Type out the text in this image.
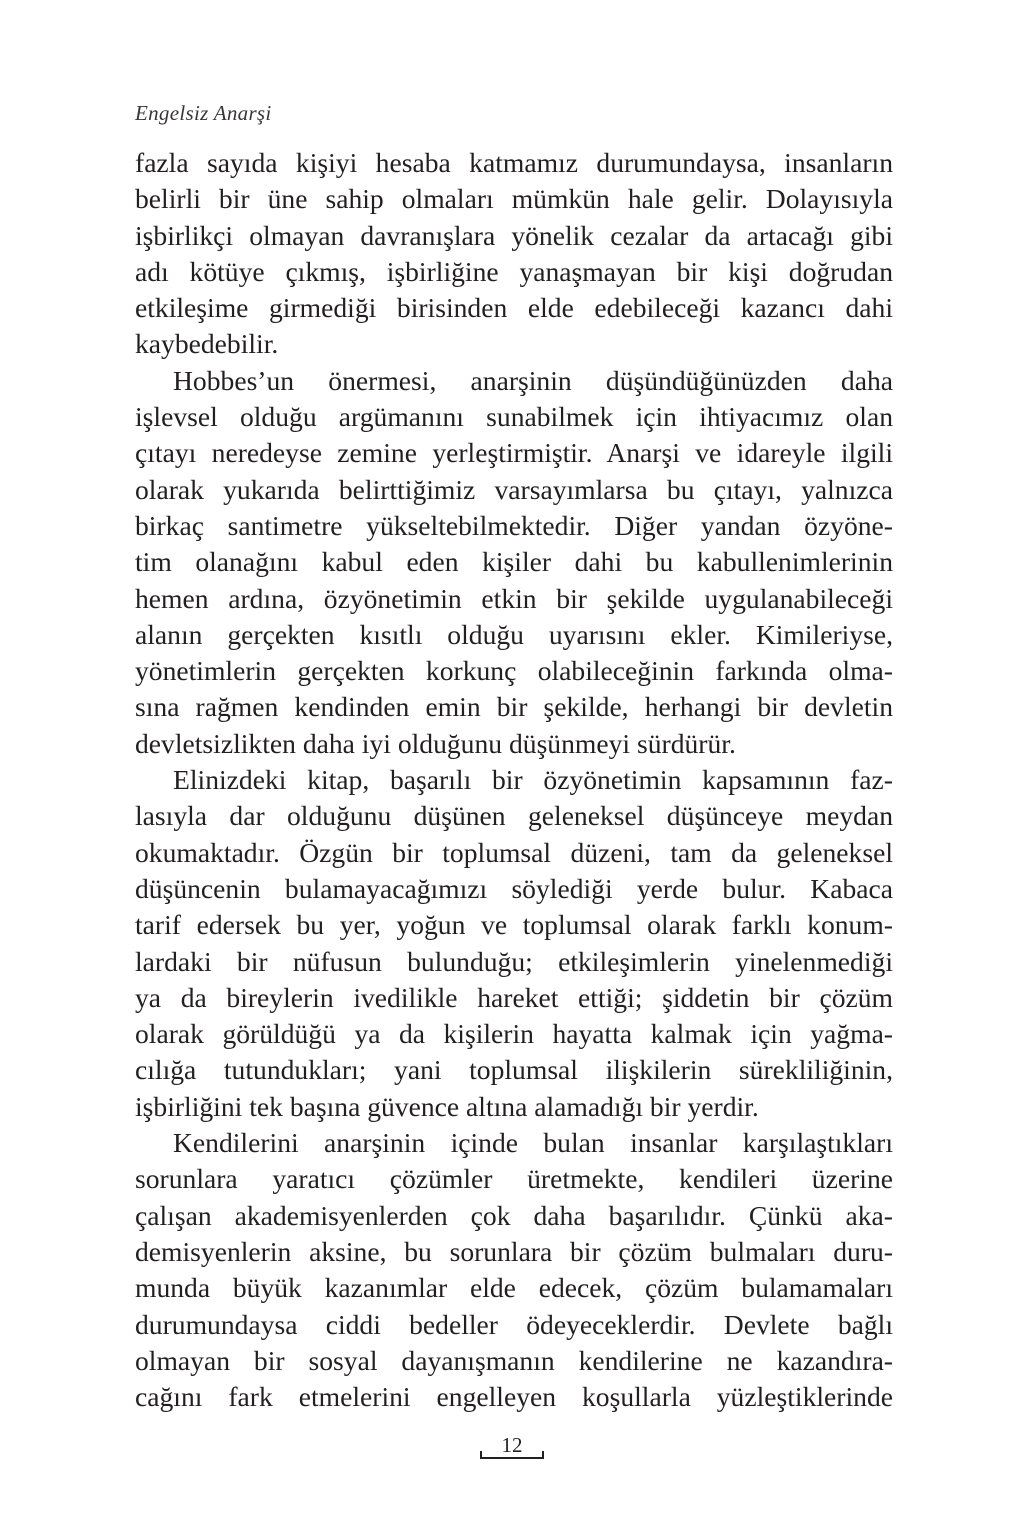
Engelsiz Anarşi
fazla sayıda kişiyi hesaba katmamız durumundaysa, insanların
belirli bir üne sahip olmaları mümkün hale gelir. Dolayısıyla
işbirlikçi olmayan davranışlara yönelik cezalar da artacağı gibi
adı kötüye çıkmış, işbirliğine yanaşmayan bir kişi doğrudan
etkileşime girmediği birisinden elde edebileceği kazancı dahi
kaybedebilir.
Hobbes’un önermesi, anarşinin düşündüğünüzden daha
işlevsel olduğu argümanını sunabilmek için ihtiyacımız olan
çıtayı neredeyse zemine yerleştirmiştir. Anarşi ve idareyle ilgili
olarak yukarıda belirttiğimiz varsayımlarsa bu çıtayı, yalnızca
birkaç santimetre yükseltebilmektedir. Diğer yandan özyöne-
tim olanağını kabul eden kişiler dahi bu kabullenimlerinin
hemen ardına, özyönetimin etkin bir şekilde uygulanabileceği
alanın gerçekten kısıtlı olduğu uyarısını ekler. Kimileriyse,
yönetimlerin gerçekten korkunç olabileceğinin farkında olma-
sına rağmen kendinden emin bir şekilde, herhangi bir devletin
devletsizlikten daha iyi olduğunu düşünmeyi sürdürür.
Elinizdeki kitap, başarılı bir özyönetimin kapsamının faz-
lasıyla dar olduğunu düşünen geleneksel düşünceye meydan
okumaktadır. Özgün bir toplumsal düzeni, tam da geleneksel
düşüncenin bulamayacağımızı söylediği yerde bulur. Kabaca
tarif edersek bu yer, yoğun ve toplumsal olarak farklı konum-
lardaki bir nüfusun bulunduğu; etkileşimlerin yinelenmediği
ya da bireylerin ivedilikle hareket ettiği; şiddetin bir çözüm
olarak görüldüğü ya da kişilerin hayatta kalmak için yağma-
cılığa tutundukları; yani toplumsal ilişkilerin sürekliliğinin,
işbirliğini tek başına güvence altına alamadığı bir yerdir.
Kendilerini anarşinin içinde bulan insanlar karşılaştıkları
sorunlara yaratıcı çözümler üretmekte, kendileri üzerine
çalışan akademisyenlerden çok daha başarılıdır. Çünkü aka-
demisyenlerin aksine, bu sorunlara bir çözüm bulmaları duru-
munda büyük kazanımlar elde edecek, çözüm bulamamaları
durumundaysa ciddi bedeller ödeyeceklerdir. Devlete bağlı
olmayan bir sosyal dayanışmanın kendilerine ne kazandıra-
cağını fark etmelerini engelleyen koşullarla yüzleştiklerinde
12
